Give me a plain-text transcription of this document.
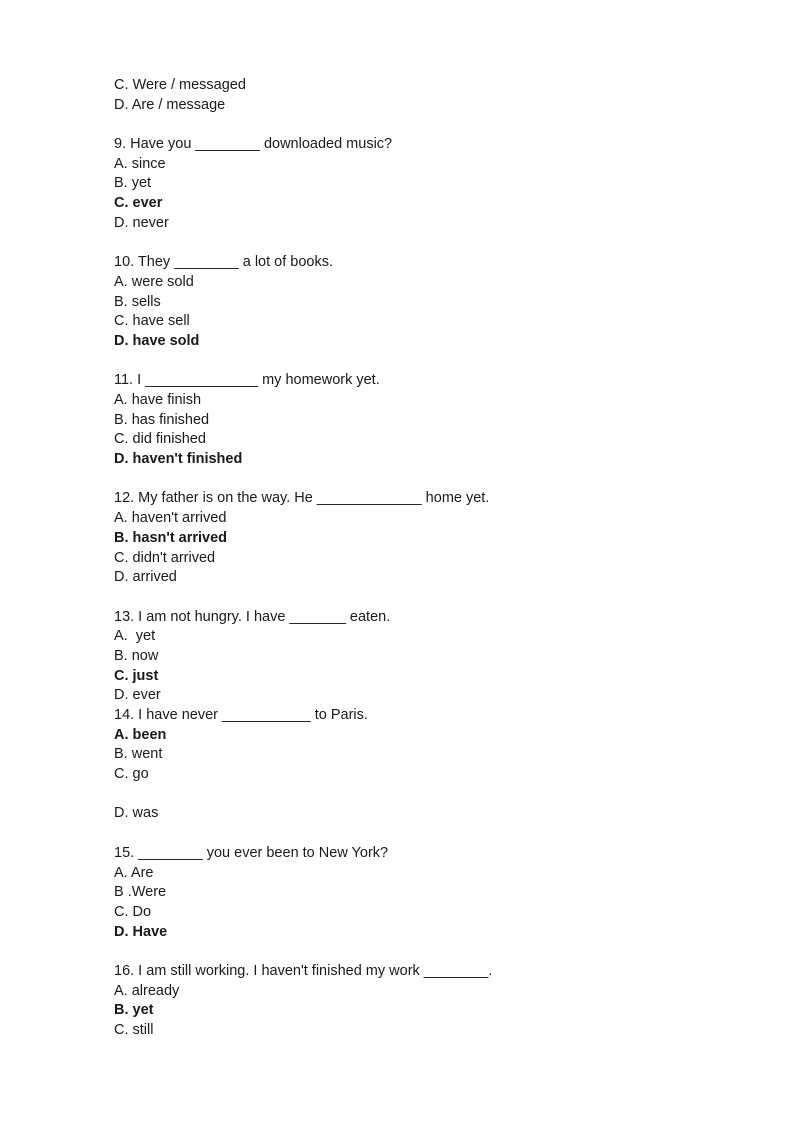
C. Were / messaged
D. Are / message
9. Have you ________ downloaded music?
A. since
B. yet
C. ever
D. never
10. They ________ a lot of books.
A. were sold
B. sells
C. have sell
D. have sold
11. I ______________ my homework yet.
A. have finish
B. has finished
C. did finished
D. haven't finished
12. My father is on the way. He _____________ home yet.
A. haven't arrived
B. hasn't arrived
C. didn't arrived
D. arrived
13. I am not hungry. I have _______ eaten.
A.  yet
B. now
C. just
D. ever
14. I have never ___________ to Paris.
A. been
B. went
C. go
D. was
15. ________ you ever been to New York?
A. Are
B .Were
C. Do
D. Have
16. I am still working. I haven't finished my work ________.
A. already
B. yet
C. still
